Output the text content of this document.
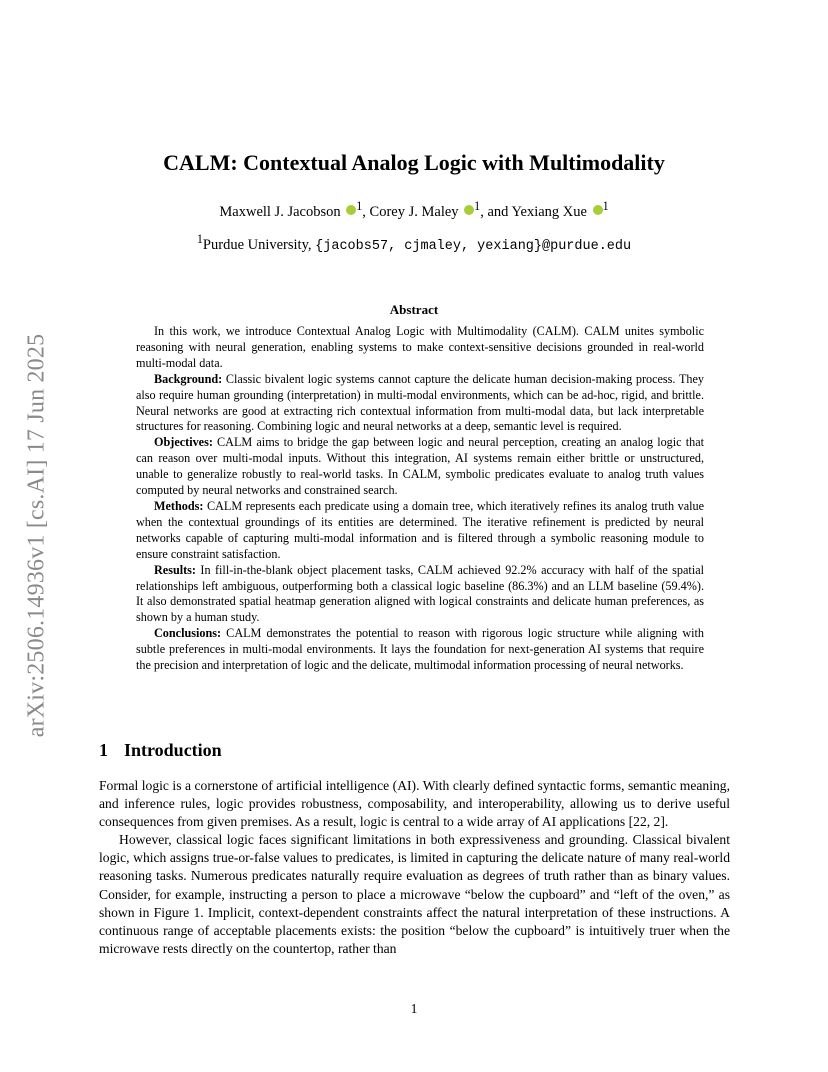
arXiv:2506.14936v1 [cs.AI] 17 Jun 2025
CALM: Contextual Analog Logic with Multimodality
Maxwell J. Jacobson $^1$, Corey J. Maley $^1$, and Yexiang Xue $^1$
$^1$Purdue University, {jacobs57, cjmaley, yexiang}@purdue.edu
Abstract

In this work, we introduce Contextual Analog Logic with Multimodality (CALM). CALM unites symbolic reasoning with neural generation, enabling systems to make context-sensitive decisions grounded in real-world multi-modal data.

Background: Classic bivalent logic systems cannot capture the delicate human decision-making process. They also require human grounding (interpretation) in multi-modal environments, which can be ad-hoc, rigid, and brittle. Neural networks are good at extracting rich contextual information from multi-modal data, but lack interpretable structures for reasoning. Combining logic and neural networks at a deep, semantic level is required.

Objectives: CALM aims to bridge the gap between logic and neural perception, creating an analog logic that can reason over multi-modal inputs. Without this integration, AI systems remain either brittle or unstructured, unable to generalize robustly to real-world tasks. In CALM, symbolic predicates evaluate to analog truth values computed by neural networks and constrained search.

Methods: CALM represents each predicate using a domain tree, which iteratively refines its analog truth value when the contextual groundings of its entities are determined. The iterative refinement is predicted by neural networks capable of capturing multi-modal information and is filtered through a symbolic reasoning module to ensure constraint satisfaction.

Results: In fill-in-the-blank object placement tasks, CALM achieved 92.2% accuracy with half of the spatial relationships left ambiguous, outperforming both a classical logic baseline (86.3%) and an LLM baseline (59.4%). It also demonstrated spatial heatmap generation aligned with logical constraints and delicate human preferences, as shown by a human study.

Conclusions: CALM demonstrates the potential to reason with rigorous logic structure while aligning with subtle preferences in multi-modal environments. It lays the foundation for next-generation AI systems that require the precision and interpretation of logic and the delicate, multimodal information processing of neural networks.

1 Introduction

Formal logic is a cornerstone of artificial intelligence (AI). With clearly defined syntactic forms, semantic meaning, and inference rules, logic provides robustness, composability, and interoperability, allowing us to derive useful consequences from given premises. As a result, logic is central to a wide array of AI applications [22, 2].

However, classical logic faces significant limitations in both expressiveness and grounding. Classical bivalent logic, which assigns true-or-false values to predicates, is limited in capturing the delicate nature of many real-world reasoning tasks. Numerous predicates naturally require evaluation as degrees of truth rather than as binary values. Consider, for example, instructing a person to place a microwave “below the cupboard” and “left of the oven,” as shown in Figure 1. Implicit, context-dependent constraints affect the natural interpretation of these instructions. A continuous range of acceptable placements exists: the position “below the cupboard” is intuitively truer when the microwave rests directly on the countertop, rather than

1
